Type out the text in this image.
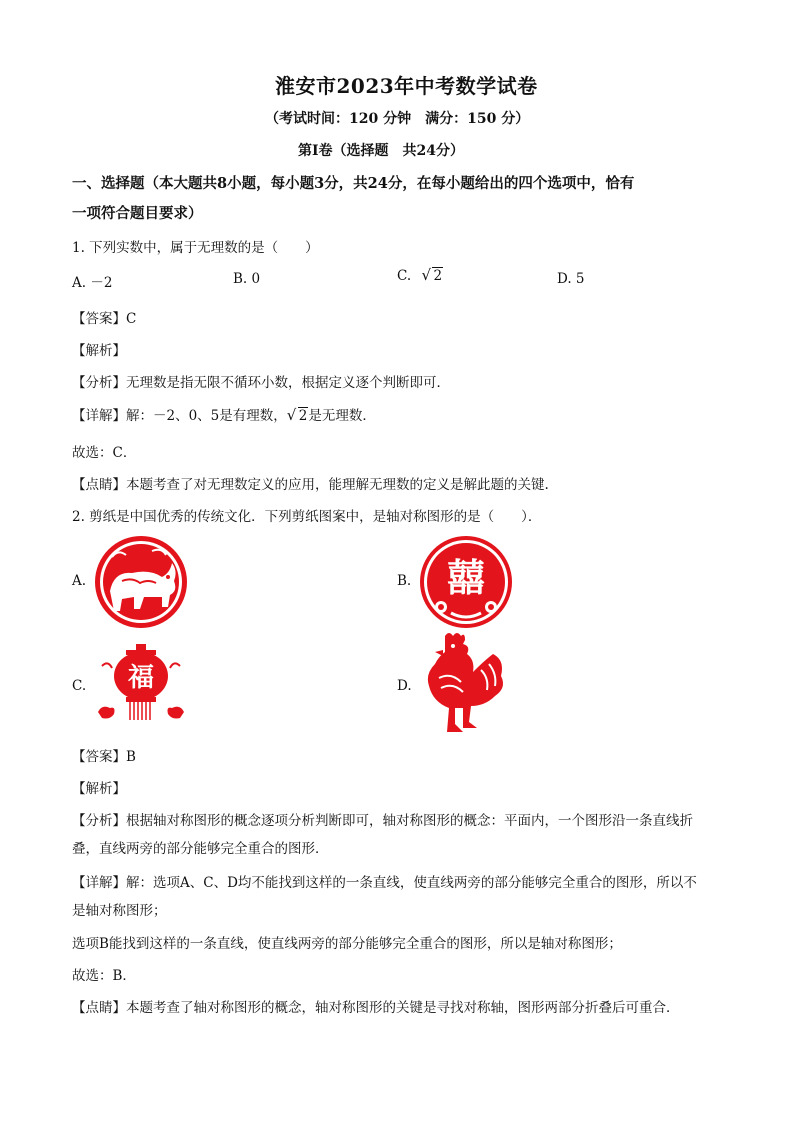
淮安市2023年中考数学试卷
（考试时间：120 分钟　满分：150 分）
第Ⅰ卷（选择题　共24分）
一、选择题（本大题共8小题，每小题3分，共24分，在每小题给出的四个选项中，恰有
一项符合题目要求）
1. 下列实数中，属于无理数的是（　　）
A. －2	B. 0	C. √ 2	D. 5
【答案】C
【解析】
【分析】无理数是指无限不循环小数，根据定义逐个判断即可．
【详解】解：－2、0、5是有理数， √ 2是无理数．
故选：C．
【点睛】本题考查了对无理数定义的应用，能理解无理数的定义是解此题的关键.
2. 剪纸是中国优秀的传统文化．下列剪纸图案中，是轴对称图形的是（　　）．
A.	B. 囍
C. 福	D.
【答案】B
【解析】
【分析】根据轴对称图形的概念逐项分析判断即可，轴对称图形的概念：平面内，一个图形沿一条直线折
叠，直线两旁的部分能够完全重合的图形．
【详解】解：选项A、C、D均不能找到这样的一条直线，使直线两旁的部分能够完全重合的图形，所以不
是轴对称图形；
选项B能找到这样的一条直线，使直线两旁的部分能够完全重合的图形，所以是轴对称图形；
故选：B．
【点睛】本题考查了轴对称图形的概念，轴对称图形的关键是寻找对称轴，图形两部分折叠后可重合．
